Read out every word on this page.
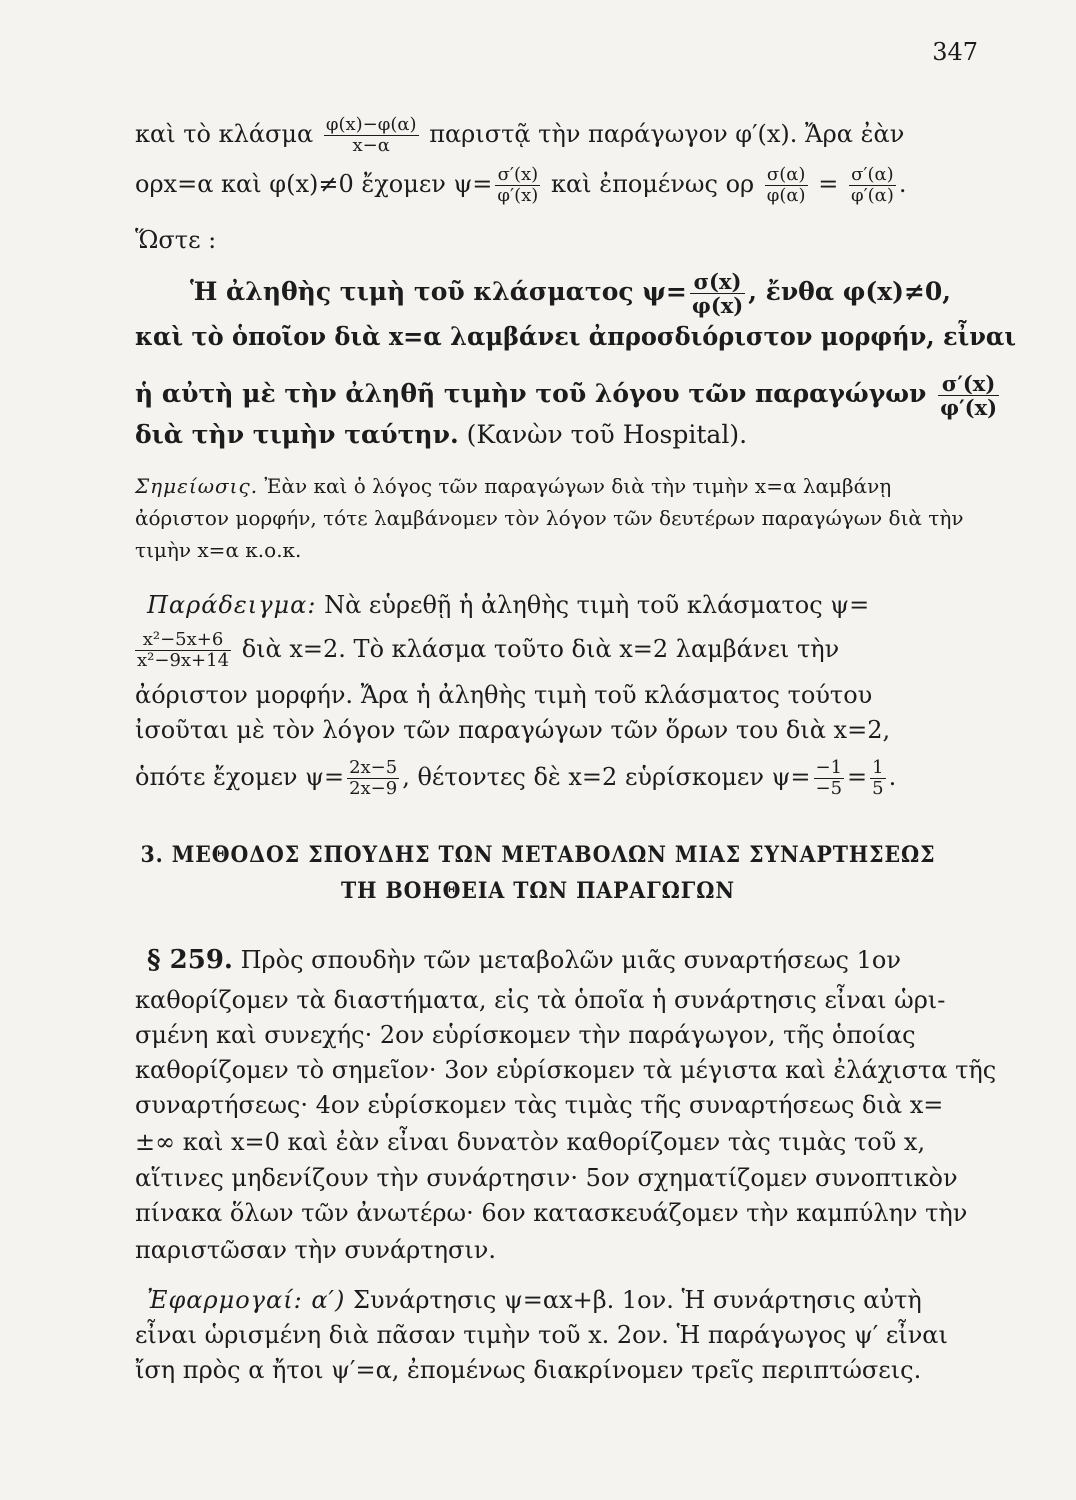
347
καὶ τὸ κλάσμα $\frac{\varphi(x)-\varphi(\alpha)}{x-\alpha}$ παριστᾷ τὴν παράγωγον φ′(x). Ἄρα ἐὰν
ορx=α καὶ φ(x)≠0 ἔχομεν $\psi= \frac{\sigma'(x)}{\varphi'(x)}$ καὶ ἐπομένως ορ $\frac{\sigma(\alpha)}{\varphi(\alpha)} = \frac{\sigma'(\alpha)}{\varphi'(\alpha)}$ .
Ὥστε :
Ἡ ἀληθὴς τιμὴ τοῦ κλάσματος $\psi= \frac{\sigma(x)}{\varphi(x)}$ , ἔνθα φ(x)≠0,
καὶ τὸ ὁποῖον διὰ x=α λαμβάνει ἀπροσδιόριστον μορφήν, εἶναι
ἡ αὐτὴ μὲ τὴν ἀληθῆ τιμὴν τοῦ λόγου τῶν παραγώγων $\frac{\sigma'(x)}{\varphi'(x)}$
διὰ τὴν τιμὴν ταύτην. (Κανὼν τοῦ Hospital).
Σημείωσις. Ἐὰν καὶ ὁ λόγος τῶν παραγώγων διὰ τὴν τιμὴν x=α λαμβάνῃ
ἀόριστον μορφήν, τότε λαμβάνομεν τὸν λόγον τῶν δευτέρων παραγώγων διὰ τὴν
τιμὴν x=α κ.ο.κ.
Παράδειγμα: Νὰ εὑρεθῇ ἡ ἀληθὴς τιμὴ τοῦ κλάσματος ψ=
$\frac{\text{x²−5x+6}}{\text{x²−9x+14}}$ διὰ x=2. Τὸ κλάσμα τοῦτο διὰ x=2 λαμβάνει τὴν
ἀόριστον μορφήν. Ἄρα ἡ ἀληθὴς τιμὴ τοῦ κλάσματος τούτου
ἰσοῦται μὲ τὸν λόγον τῶν παραγώγων τῶν ὅρων του διὰ x=2,
ὁπότε ἔχομεν $\psi= \frac{2x-5}{2x-9}$ , θέτοντες δὲ x=2 εὑρίσκομεν $\psi= \frac{-1}{-5} = \frac{1}{5}$ .
3. ΜΕΘΟΔΟΣ ΣΠΟΥΔΗΣ ΤΩΝ ΜΕΤΑΒΟΛΩΝ ΜΙΑΣ ΣΥΝΑΡΤΗΣΕΩΣ
ΤΗ ΒΟΗΘΕΙΑ ΤΩΝ ΠΑΡΑΓΩΓΩΝ
§ 259. Πρὸς σπουδὴν τῶν μεταβολῶν μιᾶς συναρτήσεως 1ον
καθορίζομεν τὰ διαστήματα, εἰς τὰ ὁποῖα ἡ συνάρτησις εἶναι ὡρι-
σμένη καὶ συνεχής· 2ον εὑρίσκομεν τὴν παράγωγον, τῆς ὁποίας
καθορίζομεν τὸ σημεῖον· 3ον εὑρίσκομεν τὰ μέγιστα καὶ ἐλάχιστα τῆς
συναρτήσεως· 4ον εὑρίσκομεν τὰς τιμὰς τῆς συναρτήσεως διὰ x=
±∞ καὶ x=0 καὶ ἐὰν εἶναι δυνατὸν καθορίζομεν τὰς τιμὰς τοῦ x,
αἵτινες μηδενίζουν τὴν συνάρτησιν· 5ον σχηματίζομεν συνοπτικὸν
πίνακα ὅλων τῶν ἀνωτέρω· 6ον κατασκευάζομεν τὴν καμπύλην τὴν
παριστῶσαν τὴν συνάρτησιν.
Ἐφαρμογαί: α′) Συνάρτησις ψ=αx+β. 1ον. Ἡ συνάρτησις αὐτὴ
εἶναι ὡρισμένη διὰ πᾶσαν τιμὴν τοῦ x. 2ον. Ἡ παράγωγος ψ′ εἶναι
ἴση πρὸς α ἤτοι ψ′=α, ἐπομένως διακρίνομεν τρεῖς περιπτώσεις.
